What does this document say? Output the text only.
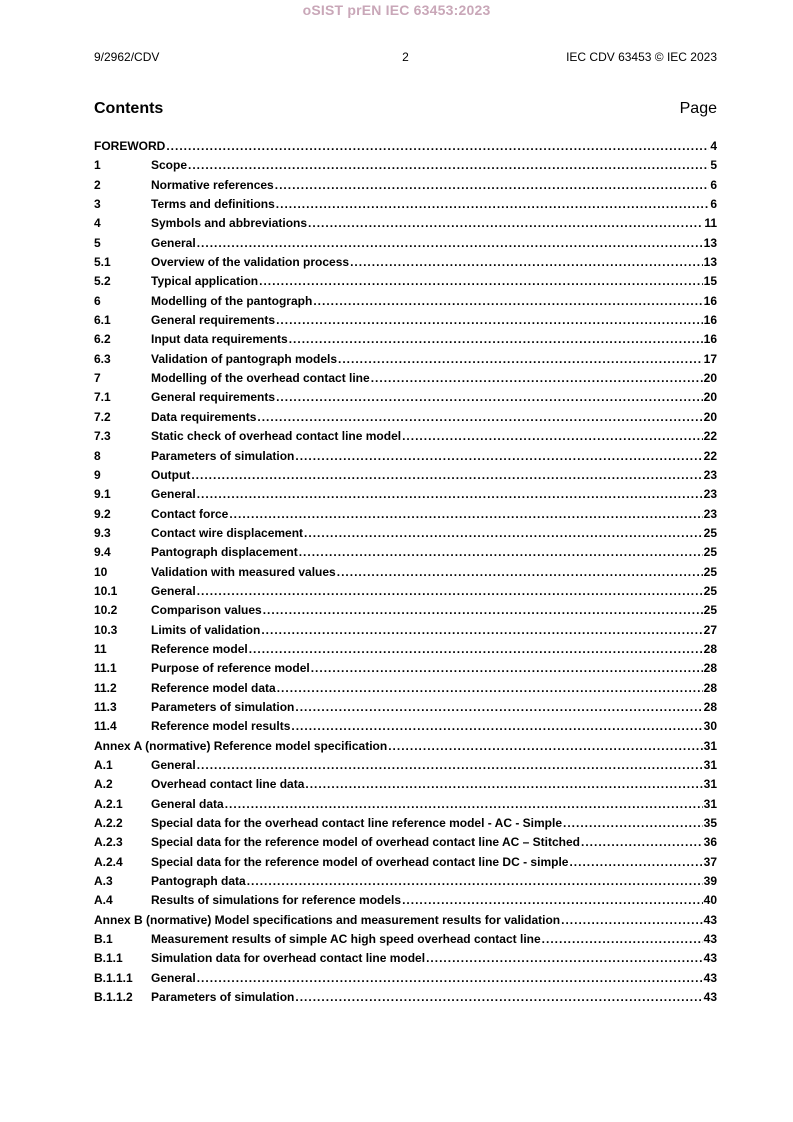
oSIST prEN IEC 63453:2023
9/2962/CDV	2	IEC CDV 63453 © IEC 2023
Contents	Page
FOREWORD .....	4
1	Scope .....	5
2	Normative references .....	6
3	Terms and definitions .....	6
4	Symbols and abbreviations .....	11
5	General .....	13
5.1	Overview of the validation process .....	13
5.2	Typical application .....	15
6	Modelling of the pantograph .....	16
6.1	General requirements .....	16
6.2	Input data requirements .....	16
6.3	Validation of pantograph models .....	17
7	Modelling of the overhead contact line .....	20
7.1	General requirements .....	20
7.2	Data requirements .....	20
7.3	Static check of overhead contact line model .....	22
8	Parameters of simulation .....	22
9	Output .....	23
9.1	General .....	23
9.2	Contact force .....	23
9.3	Contact wire displacement .....	25
9.4	Pantograph displacement .....	25
10	Validation with measured values .....	25
10.1	General .....	25
10.2	Comparison values .....	25
10.3	Limits of validation .....	27
11	Reference model .....	28
11.1	Purpose of reference model .....	28
11.2	Reference model data .....	28
11.3	Parameters of simulation .....	28
11.4	Reference model results .....	30
Annex A (normative) Reference model specification .....	31
A.1	General .....	31
A.2	Overhead contact line data .....	31
A.2.1	General data .....	31
A.2.2	Special data for the overhead contact line reference model - AC - Simple .....	35
A.2.3	Special data for the reference model of overhead contact line AC – Stitched .....	36
A.2.4	Special data for the reference model of overhead contact line DC - simple .....	37
A.3	Pantograph data .....	39
A.4	Results of simulations for reference models .....	40
Annex B (normative) Model specifications and measurement results for validation .....	43
B.1	Measurement results of simple AC high speed overhead contact line .....	43
B.1.1	Simulation data for overhead contact line model .....	43
B.1.1.1	General .....	43
B.1.1.2	Parameters of simulation .....	43
